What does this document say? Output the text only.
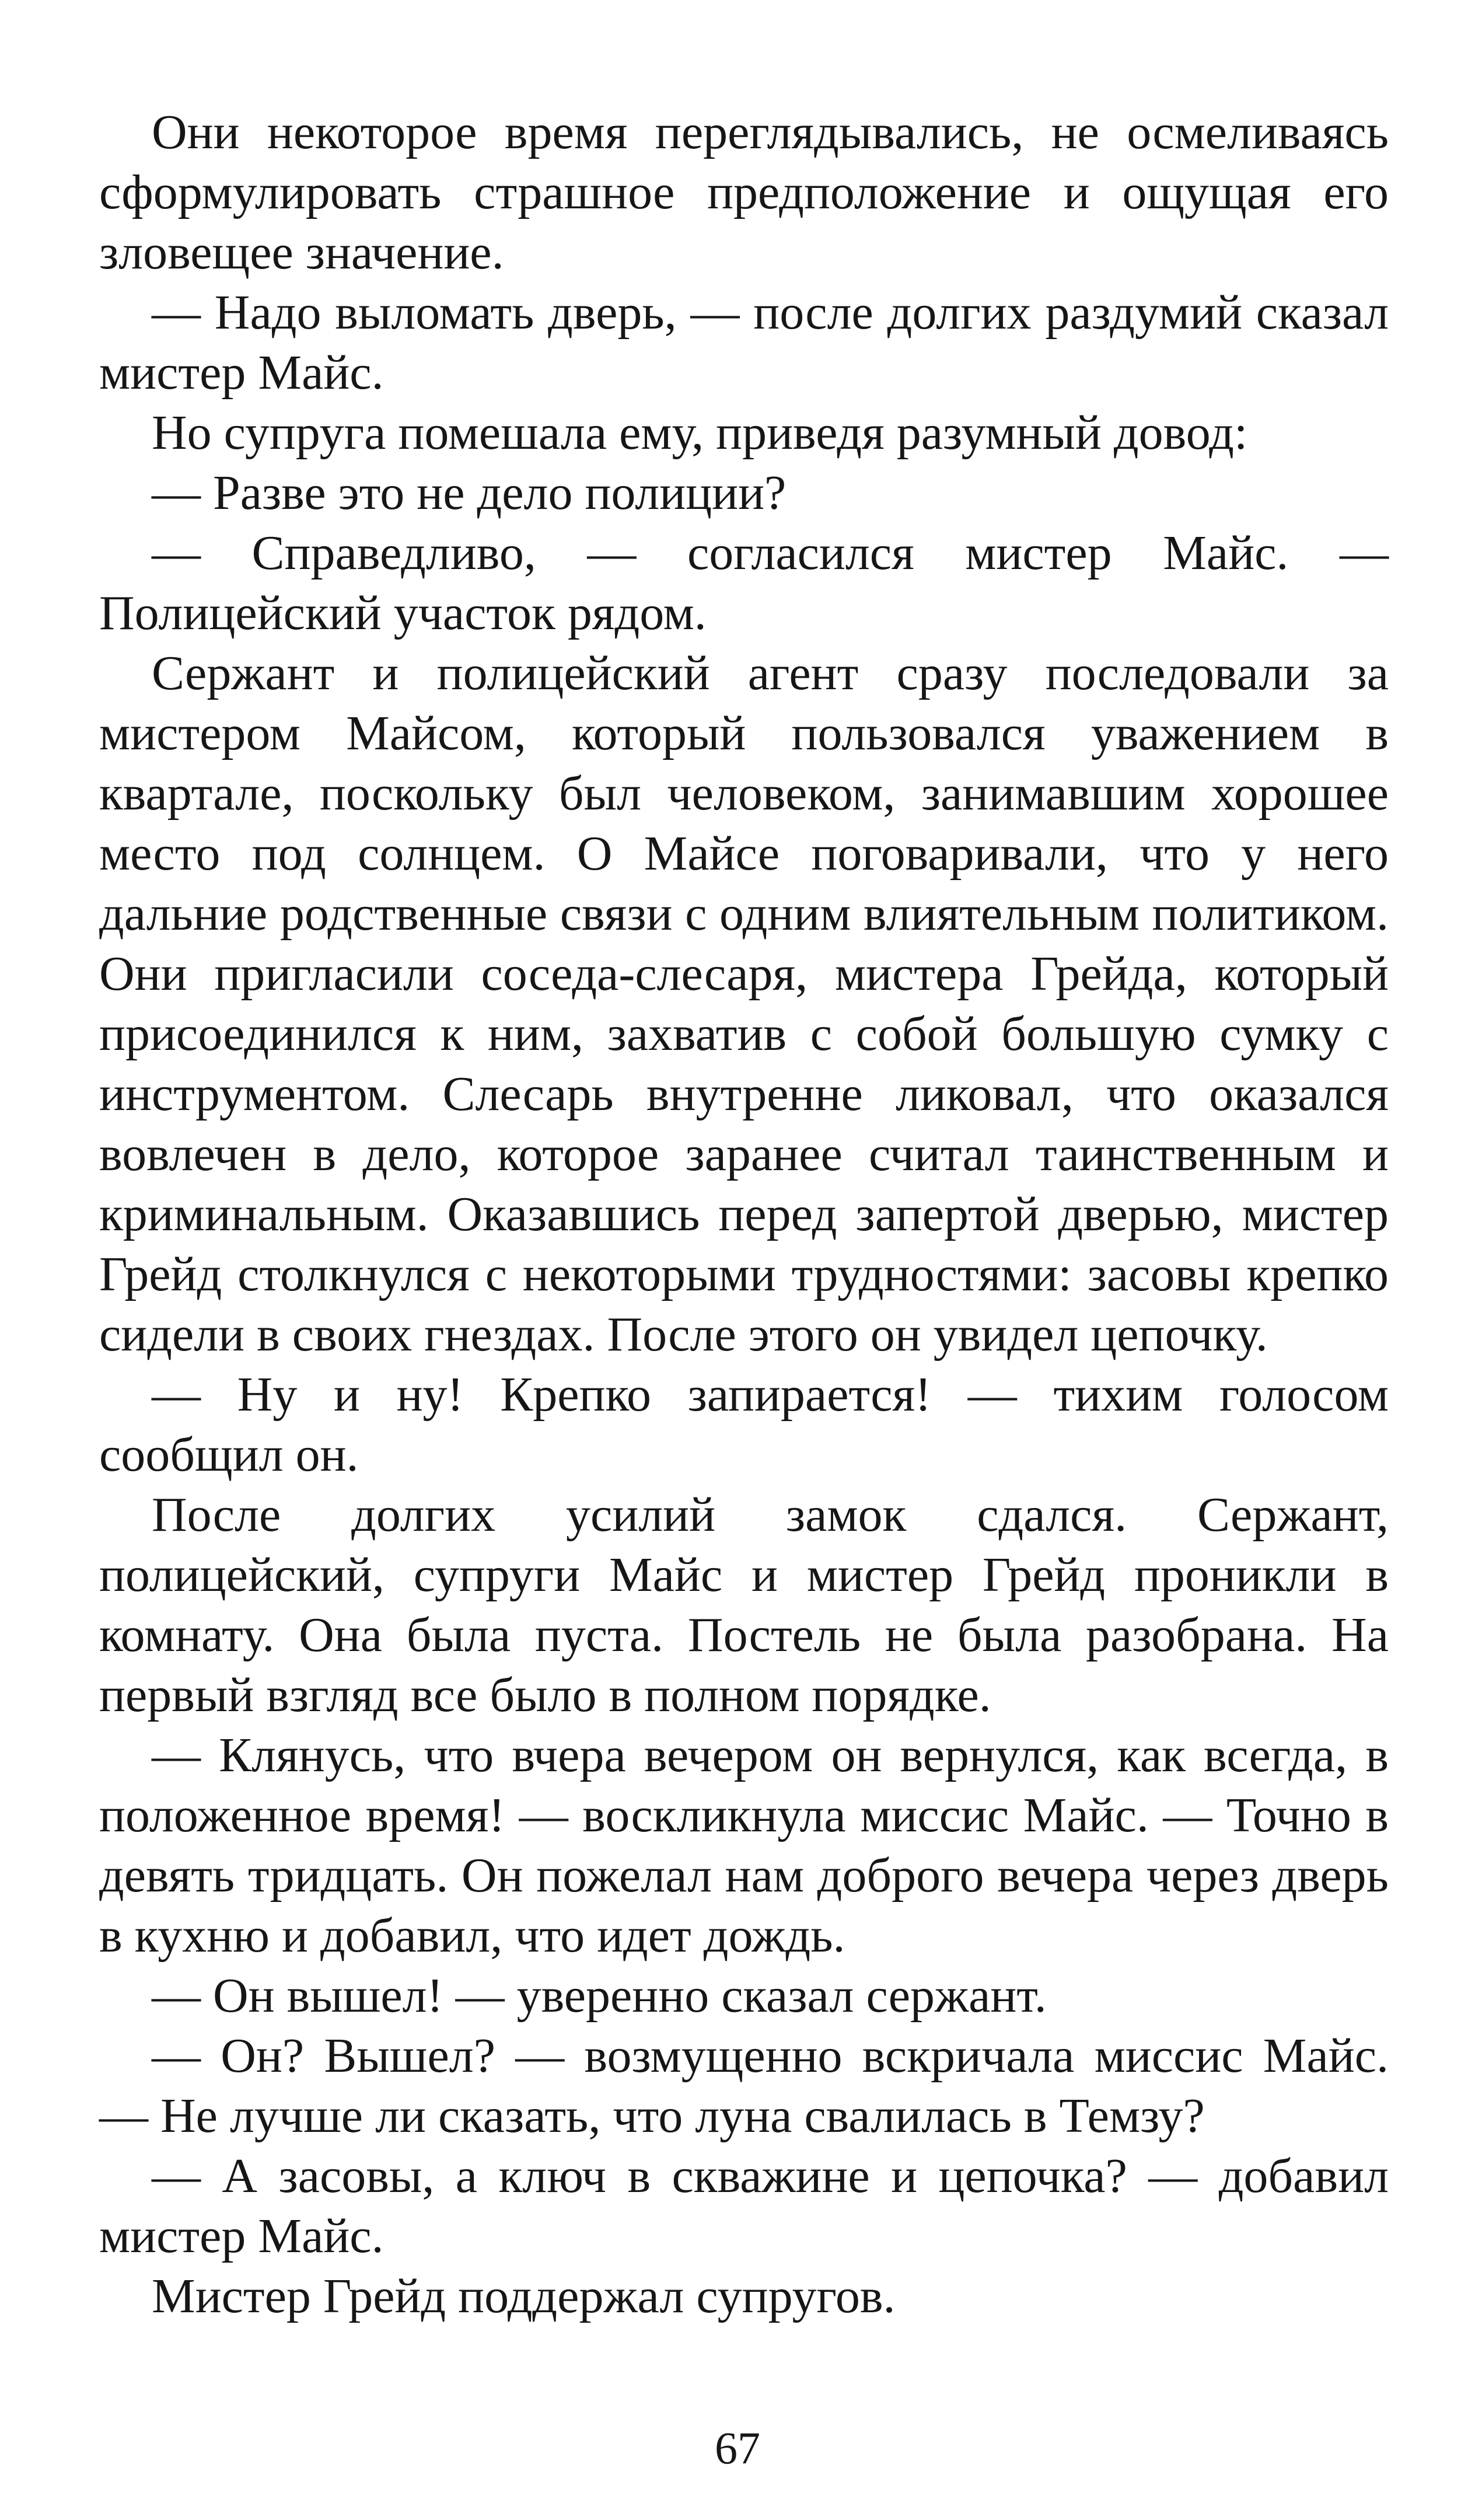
Они некоторое время переглядывались, не осмеливаясь сформулировать страшное предположение и ощущая его зловещее значение.

— Надо выломать дверь, — после долгих раздумий сказал мистер Майс.

Но супруга помешала ему, приведя разумный довод:

— Разве это не дело полиции?

— Справедливо, — согласился мистер Майс. — Полицейский участок рядом.

Сержант и полицейский агент сразу последовали за мистером Майсом, который пользовался уважением в квартале, поскольку был человеком, занимавшим хорошее место под солнцем. О Майсе поговаривали, что у него дальние родственные связи с одним влиятельным политиком. Они пригласили соседа-слесаря, мистера Грейда, который присоединился к ним, захватив с собой большую сумку с инструментом. Слесарь внутренне ликовал, что оказался вовлечен в дело, которое заранее считал таинственным и криминальным. Оказавшись перед запертой дверью, мистер Грейд столкнулся с некоторыми трудностями: засовы крепко сидели в своих гнездах. После этого он увидел цепочку.

— Ну и ну! Крепко запирается! — тихим голосом сообщил он.

После долгих усилий замок сдался. Сержант, полицейский, супруги Майс и мистер Грейд проникли в комнату. Она была пуста. Постель не была разобрана. На первый взгляд все было в полном порядке.

— Клянусь, что вчера вечером он вернулся, как всегда, в положенное время! — воскликнула миссис Майс. — Точно в девять тридцать. Он пожелал нам доброго вечера через дверь в кухню и добавил, что идет дождь.

— Он вышел! — уверенно сказал сержант.

— Он? Вышел? — возмущенно вскричала миссис Майс. — Не лучше ли сказать, что луна свалилась в Темзу?

— А засовы, а ключ в скважине и цепочка? — добавил мистер Майс.

Мистер Грейд поддержал супругов.

67
